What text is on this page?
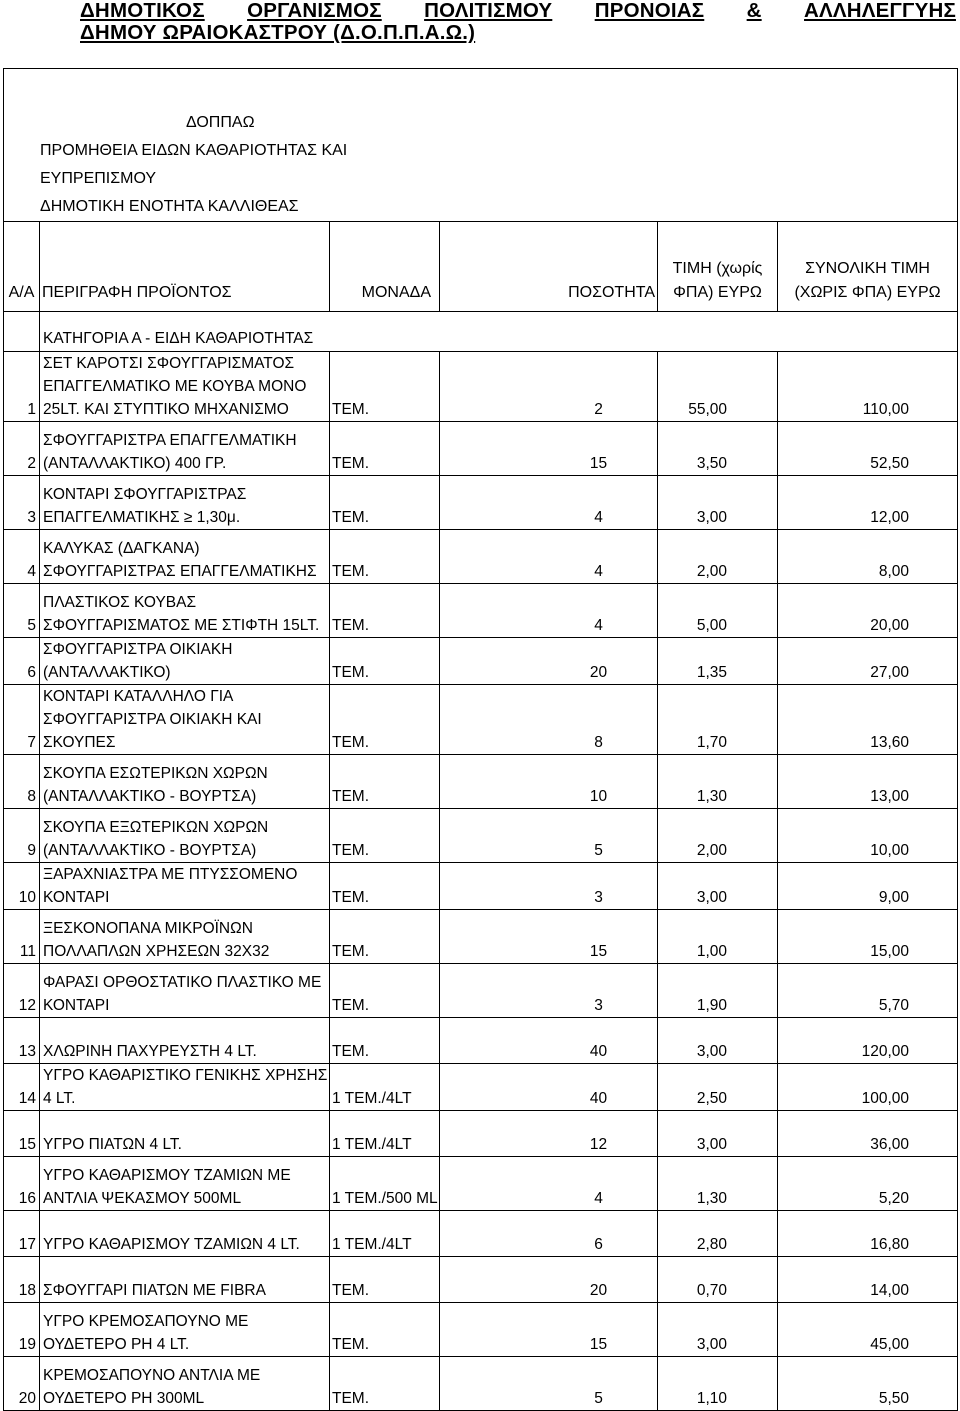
ΔΗΜΟΤΙΚΟΣ ΟΡΓΑΝΙΣΜΟΣ ΠΟΛΙΤΙΣΜΟΥ ΠΡΟΝΟΙΑΣ & ΑΛΛΗΛΕΓΓΥΗΣ
ΔΗΜΟΥ ΩΡΑΙΟΚΑΣΤΡΟΥ (Δ.Ο.Π.Π.Α.Ω.)
ΔΟΠΠΑΩ
ΠΡΟΜΗΘΕΙΑ ΕΙΔΩΝ ΚΑΘΑΡΙΟΤΗΤΑΣ ΚΑΙ ΕΥΠΡΕΠΙΣΜΟΥ
ΔΗΜΟΤΙΚΗ ΕΝΟΤΗΤΑ ΚΑΛΛΙΘΕΑΣ					

Α/Α	ΠΕΡΙΓΡΑΦΗ ΠΡΟΪΟΝΤΟΣ	ΜΟΝΑΔΑ	ΠΟΣΟΤΗΤΑ	ΤΙΜΗ (χωρίς ΦΠΑ) ΕΥΡΩ	ΣΥΝΟΛΙΚΗ ΤΙΜΗ (ΧΩΡΙΣ ΦΠΑ) ΕΥΡΩ
	ΚΑΤΗΓΟΡΙΑ Α - ΕΙΔΗ ΚΑΘΑΡΙΟΤΗΤΑΣ				
1	ΣΕΤ ΚΑΡΟΤΣΙ ΣΦΟΥΓΓΑΡΙΣΜΑΤΟΣ ΕΠΑΓΓΕΛΜΑΤΙΚΟ ΜΕ ΚΟΥΒΑ ΜΟΝΟ 25LT. ΚΑΙ ΣΤΥΠΤΙΚΟ ΜΗΧΑΝΙΣΜΟ	ΤΕΜ.	2	55,00	110,00
2	ΣΦΟΥΓΓΑΡΙΣΤΡΑ ΕΠΑΓΓΕΛΜΑΤΙΚΗ (ΑΝΤΑΛΛΑΚΤΙΚΟ) 400 ΓΡ.	ΤΕΜ.	15	3,50	52,50
3	ΚΟΝΤΑΡΙ ΣΦΟΥΓΓΑΡΙΣΤΡΑΣ ΕΠΑΓΓΕΛΜΑΤΙΚΗΣ ≥ 1,30μ.	ΤΕΜ.	4	3,00	12,00
4	ΚΑΛΥΚΑΣ (ΔΑΓΚΑΝΑ) ΣΦΟΥΓΓΑΡΙΣΤΡΑΣ ΕΠΑΓΓΕΛΜΑΤΙΚΗΣ	ΤΕΜ.	4	2,00	8,00
5	ΠΛΑΣΤΙΚΟΣ ΚΟΥΒΑΣ ΣΦΟΥΓΓΑΡΙΣΜΑΤΟΣ ΜΕ ΣΤΙΦΤΗ 15LT.	ΤΕΜ.	4	5,00	20,00
6	ΣΦΟΥΓΓΑΡΙΣΤΡΑ ΟΙΚΙΑΚΗ (ΑΝΤΑΛΛΑΚΤΙΚΟ)	ΤΕΜ.	20	1,35	27,00
7	ΚΟΝΤΑΡΙ ΚΑΤΑΛΛΗΛΟ ΓΙΑ ΣΦΟΥΓΓΑΡΙΣΤΡΑ ΟΙΚΙΑΚΗ ΚΑΙ ΣΚΟΥΠΕΣ	ΤΕΜ.	8	1,70	13,60
8	ΣΚΟΥΠΑ ΕΣΩΤΕΡΙΚΩΝ ΧΩΡΩΝ (ΑΝΤΑΛΛΑΚΤΙΚΟ - ΒΟΥΡΤΣΑ)	ΤΕΜ.	10	1,30	13,00
9	ΣΚΟΥΠΑ ΕΞΩΤΕΡΙΚΩΝ ΧΩΡΩΝ (ΑΝΤΑΛΛΑΚΤΙΚΟ - ΒΟΥΡΤΣΑ)	ΤΕΜ.	5	2,00	10,00
10	ΞΑΡΑΧΝΙΑΣΤΡΑ ΜΕ ΠΤΥΣΣΟΜΕΝΟ ΚΟΝΤΑΡΙ	ΤΕΜ.	3	3,00	9,00
11	ΞΕΣΚΟΝΟΠΑΝΑ ΜΙΚΡΟΪΝΩΝ ΠΟΛΛΑΠΛΩΝ ΧΡΗΣΕΩΝ 32Χ32	ΤΕΜ.	15	1,00	15,00
12	ΦΑΡΑΣΙ ΟΡΘΟΣΤΑΤΙΚΟ ΠΛΑΣΤΙΚΟ ΜΕ ΚΟΝΤΑΡΙ	ΤΕΜ.	3	1,90	5,70
13	ΧΛΩΡΙΝΗ ΠΑΧΥΡΕΥΣΤΗ 4 LT.	ΤΕΜ.	40	3,00	120,00
14	ΥΓΡΟ ΚΑΘΑΡΙΣΤΙΚΟ ΓΕΝΙΚΗΣ ΧΡΗΣΗΣ 4 LT.	1 ΤΕΜ./4LT	40	2,50	100,00
15	ΥΓΡΟ ΠΙΑΤΩΝ 4 LT.	1 ΤΕΜ./4LT	12	3,00	36,00
16	ΥΓΡΟ ΚΑΘΑΡΙΣΜΟΥ ΤΖΑΜΙΩΝ ΜΕ ΑΝΤΛΙΑ ΨΕΚΑΣΜΟΥ 500ML	1 ΤΕΜ./500 ML	4	1,30	5,20
17	ΥΓΡΟ ΚΑΘΑΡΙΣΜΟΥ ΤΖΑΜΙΩΝ 4 LT.	1 ΤΕΜ./4LT	6	2,80	16,80
18	ΣΦΟΥΓΓΑΡΙ ΠΙΑΤΩΝ ΜΕ FIBRA	ΤΕΜ.	20	0,70	14,00
19	ΥΓΡΟ ΚΡΕΜΟΣΑΠΟΥΝΟ ΜΕ ΟΥΔΕΤΕΡΟ PH 4 LT.	ΤΕΜ.	15	3,00	45,00
20	ΚΡΕΜΟΣΑΠΟΥΝΟ ΑΝΤΛΙΑ ΜΕ ΟΥΔΕΤΕΡΟ PH 300ML	ΤΕΜ.	5	1,10	5,50
